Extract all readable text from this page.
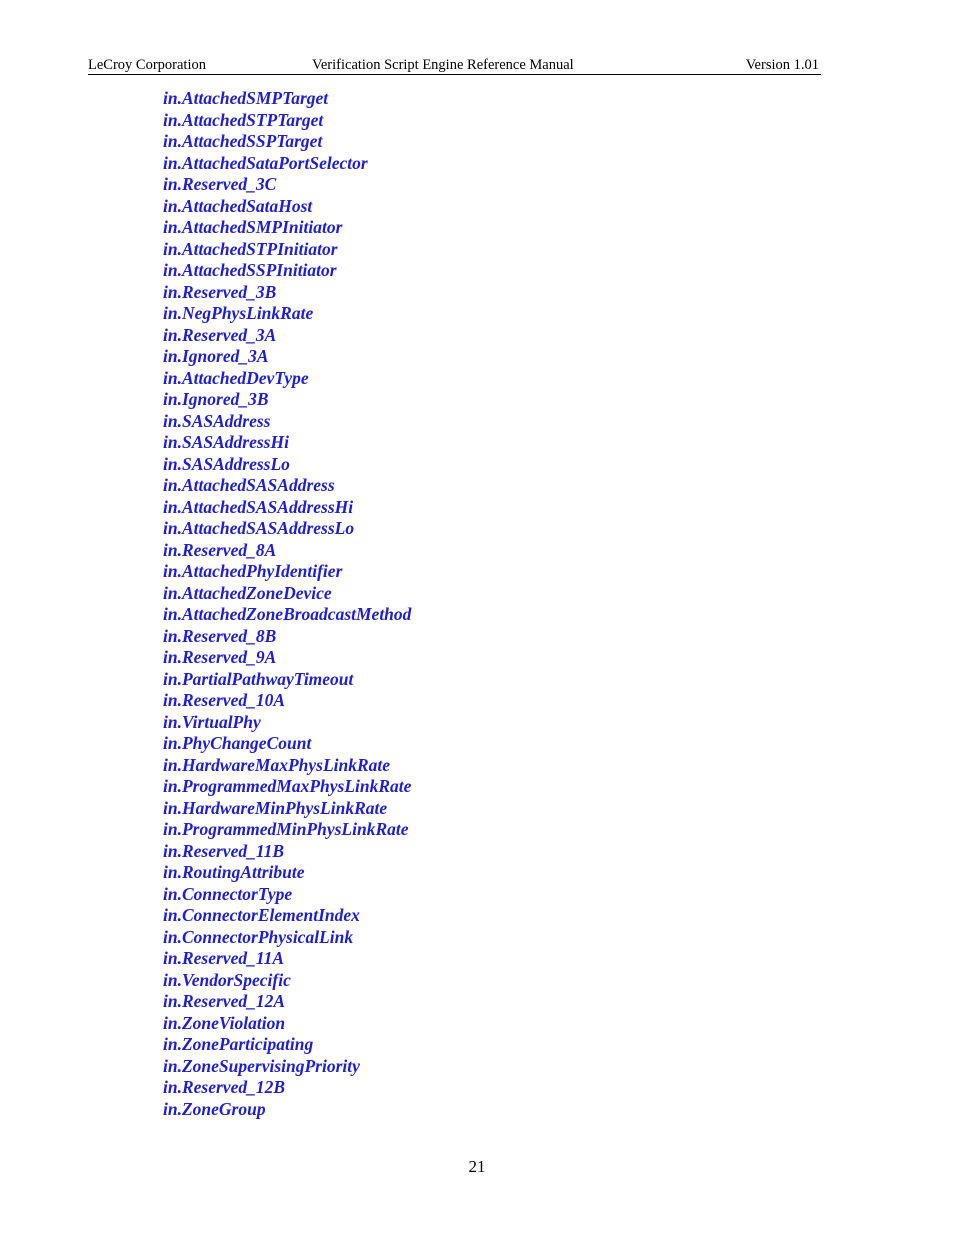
LeCroy Corporation	Verification Script Engine Reference Manual	Version 1.01
in.AttachedSMPTarget
in.AttachedSTPTarget
in.AttachedSSPTarget
in.AttachedSataPortSelector
in.Reserved_3C
in.AttachedSataHost
in.AttachedSMPInitiator
in.AttachedSTPInitiator
in.AttachedSSPInitiator
in.Reserved_3B
in.NegPhysLinkRate
in.Reserved_3A
in.Ignored_3A
in.AttachedDevType
in.Ignored_3B
in.SASAddress
in.SASAddressHi
in.SASAddressLo
in.AttachedSASAddress
in.AttachedSASAddressHi
in.AttachedSASAddressLo
in.Reserved_8A
in.AttachedPhyIdentifier
in.AttachedZoneDevice
in.AttachedZoneBroadcastMethod
in.Reserved_8B
in.Reserved_9A
in.PartialPathwayTimeout
in.Reserved_10A
in.VirtualPhy
in.PhyChangeCount
in.HardwareMaxPhysLinkRate
in.ProgrammedMaxPhysLinkRate
in.HardwareMinPhysLinkRate
in.ProgrammedMinPhysLinkRate
in.Reserved_11B
in.RoutingAttribute
in.ConnectorType
in.ConnectorElementIndex
in.ConnectorPhysicalLink
in.Reserved_11A
in.VendorSpecific
in.Reserved_12A
in.ZoneViolation
in.ZoneParticipating
in.ZoneSupervisingPriority
in.Reserved_12B
in.ZoneGroup
21
